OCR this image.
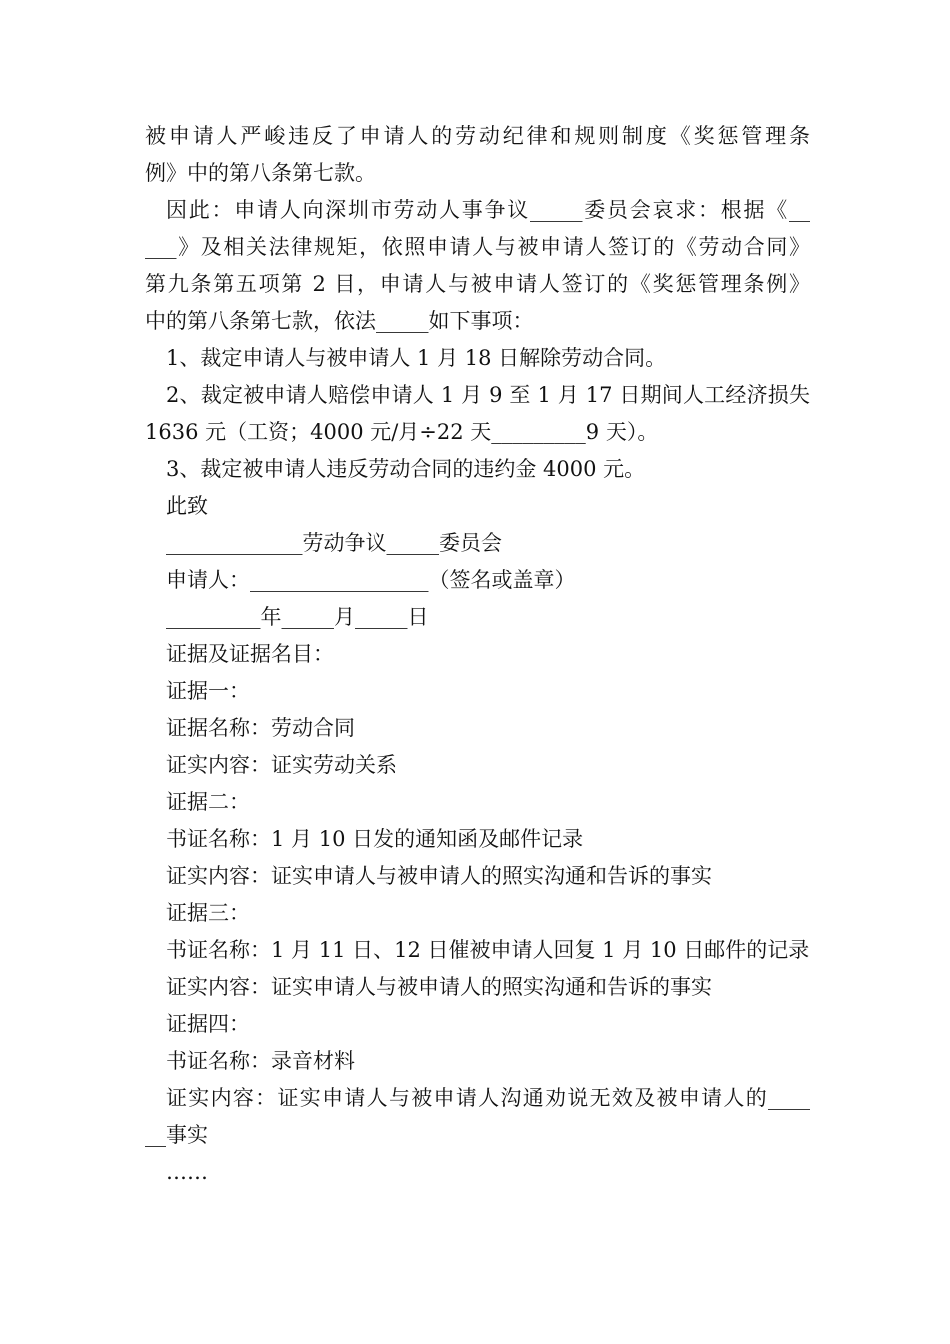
被申请人严峻违反了申请人的劳动纪律和规则制度《奖惩管理条
例》中的第八条第七款。
因此：申请人向深圳市劳动人事争议_____委员会哀求：根据《__
___》及相关法律规矩，依照申请人与被申请人签订的《劳动合同》
第九条第五项第 2 目，申请人与被申请人签订的《奖惩管理条例》
中的第八条第七款，依法_____如下事项：
1、裁定申请人与被申请人 1 月 18 日解除劳动合同。
2、裁定被申请人赔偿申请人 1 月 9 至 1 月 17 日期间人工经济损失
1636 元（工资；4000 元/月÷22 天_________9 天）。
3、裁定被申请人违反劳动合同的违约金 4000 元。
此致
_____________劳动争议_____委员会
申请人：_________________（签名或盖章）
_________年_____月_____日
证据及证据名目：
证据一：
证据名称：劳动合同
证实内容：证实劳动关系
证据二：
书证名称：1 月 10 日发的通知函及邮件记录
证实内容：证实申请人与被申请人的照实沟通和告诉的事实
证据三：
书证名称：1 月 11 日、12 日催被申请人回复 1 月 10 日邮件的记录
证实内容：证实申请人与被申请人的照实沟通和告诉的事实
证据四：
书证名称：录音材料
证实内容：证实申请人与被申请人沟通劝说无效及被申请人的____
__事实
……
